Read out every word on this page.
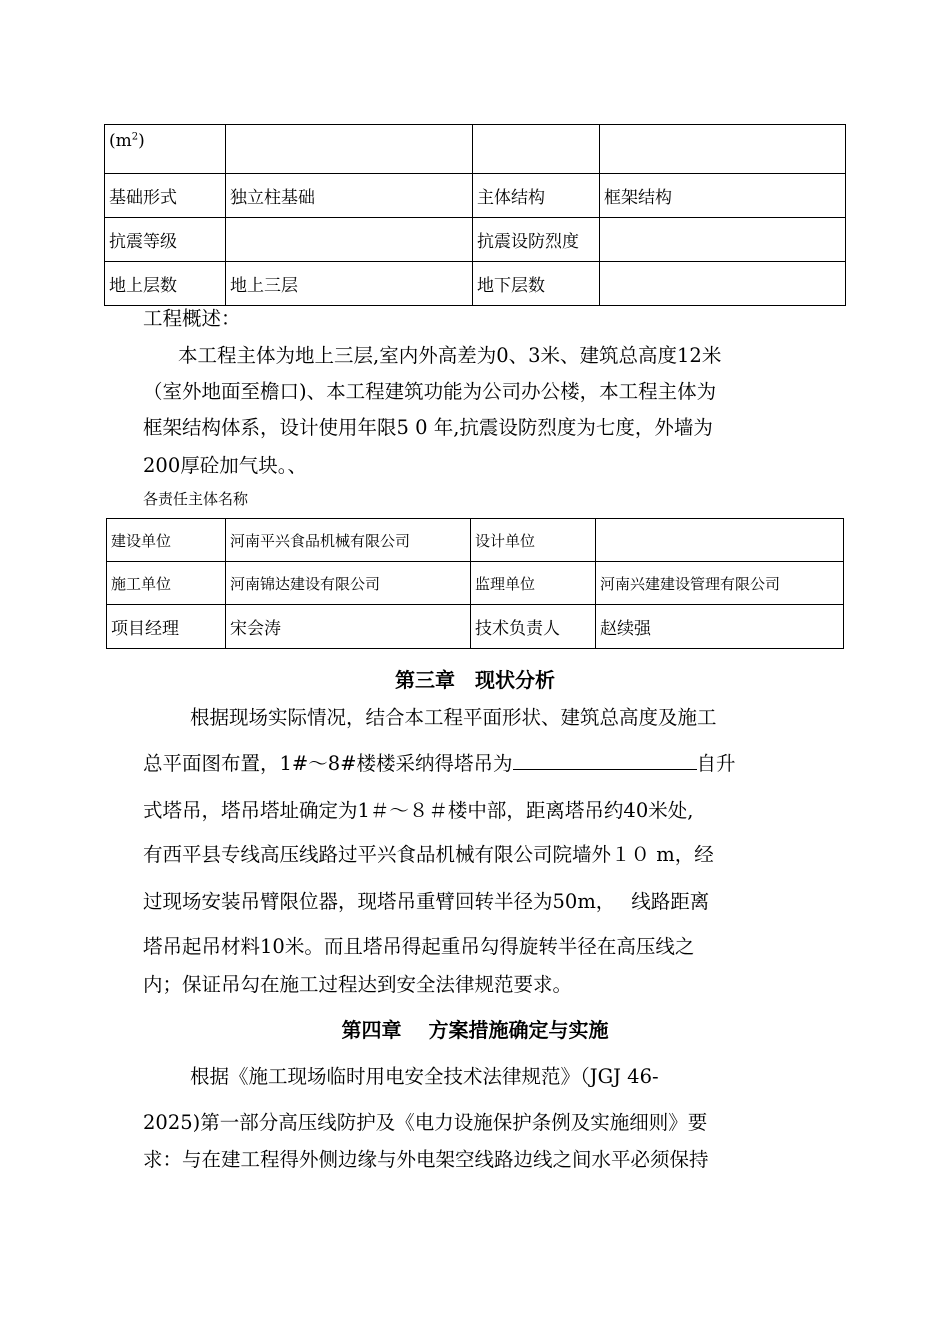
$(m^2)$			
基础形式	独立柱基础	主体结构	框架结构
抗震等级		抗震设防烈度	
地上层数	地上三层	地下层数	
工程概述：
本工程主体为地上三层,室内外高差为0、3米、建筑总高度12米
（室外地面至檐口)、本工程建筑功能为公司办公楼，本工程主体为
框架结构体系，设计使用年限5 0 年,抗震设防烈度为七度，外墙为
200厚砼加气块。、
各责任主体名称
建设单位	河南平兴食品机械有限公司	设计单位	
施工单位	河南锦达建设有限公司	监理单位	河南兴建建设管理有限公司
项目经理	宋会涛	技术负责人	赵续强
第三章　现状分析
根据现场实际情况，结合本工程平面形状、建筑总高度及施工
总平面图布置，1#～8#楼楼采纳得塔吊为	自升
式塔吊，塔吊塔址确定为1＃～８＃楼中部，距离塔吊约40米处,
有西平县专线高压线路过平兴食品机械有限公司院墙外１０ m，经
过现场安装吊臂限位器，现塔吊重臂回转半径为50m，　 线路距离
塔吊起吊材料10米。而且塔吊得起重吊勾得旋转半径在高压线之
内；保证吊勾在施工过程达到安全法律规范要求。
第四章　 方案措施确定与实施
根据《施工现场临时用电安全技术法律规范》（JGJ 46-
2025)第一部分高压线防护及《电力设施保护条例及实施细则》要
求：与在建工程得外侧边缘与外电架空线路边线之间水平必须保持
